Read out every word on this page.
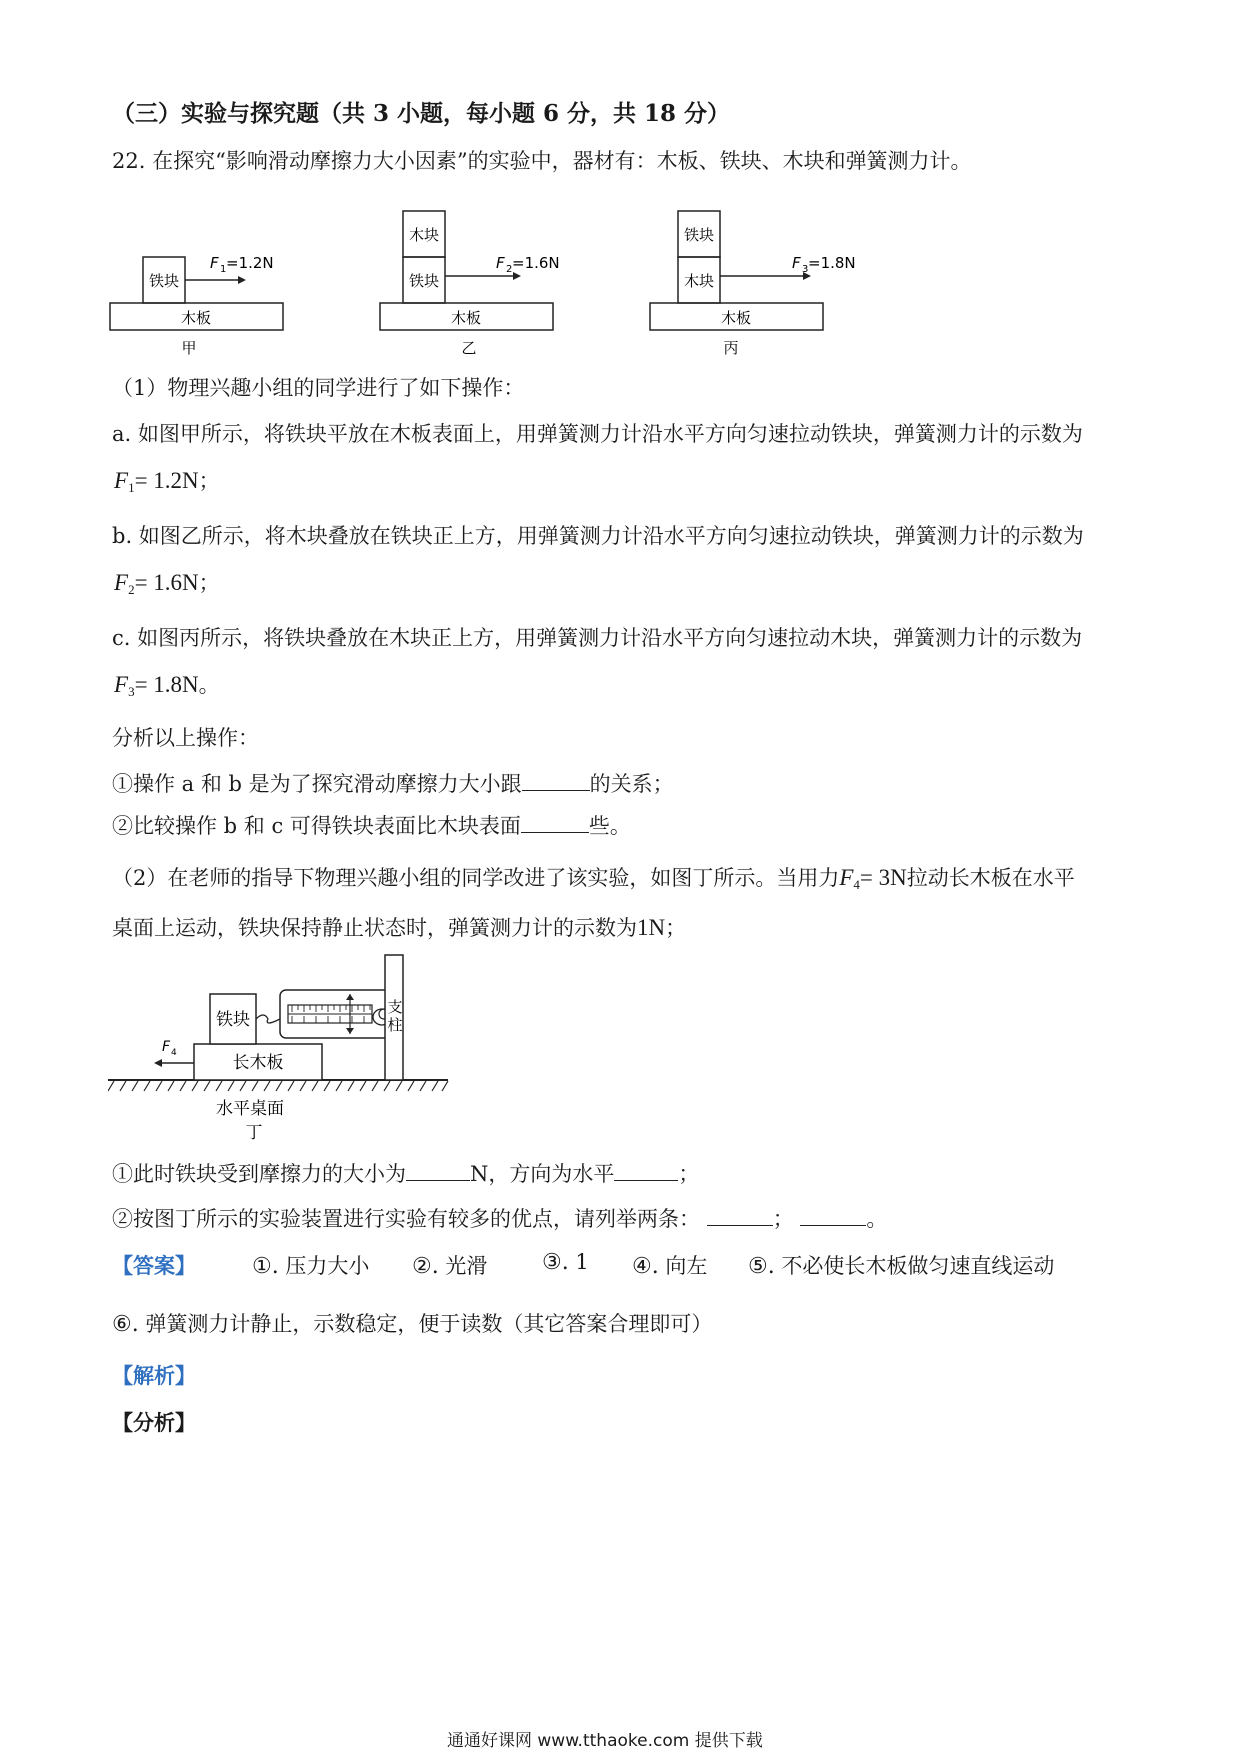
（三）实验与探究题（共 3 小题，每小题 6 分，共 18 分）
22. 在探究“影响滑动摩擦力大小因素”的实验中，器材有：木板、铁块、木块和弹簧测力计。
木板
铁块
F 1 =1.2N
甲
木板
木块
铁块
F 2 =1.6N
乙
木板
铁块
木块
F 3 =1.8N
丙
（1）物理兴趣小组的同学进行了如下操作：
a. 如图甲所示，将铁块平放在木板表面上，用弹簧测力计沿水平方向匀速拉动铁块，弹簧测力计的示数为
$F_1= 1.2N$；
b. 如图乙所示，将木块叠放在铁块正上方，用弹簧测力计沿水平方向匀速拉动铁块，弹簧测力计的示数为
$F_2= 1.6N$；
c. 如图丙所示，将铁块叠放在木块正上方，用弹簧测力计沿水平方向匀速拉动木块，弹簧测力计的示数为
$F_3= 1.8N$。
分析以上操作：
①操作 a 和 b 是为了探究滑动摩擦力大小跟	的关系；
②比较操作 b 和 c 可得铁块表面比木块表面	些。
（2）在老师的指导下物理兴趣小组的同学改进了该实验，如图丁所示。当用力$F_4= 3N$拉动长木板在水平
桌面上运动，铁块保持静止状态时，弹簧测力计的示数为1N；
长木板
铁块
支
柱
F 4
水平桌面
丁
①此时铁块受到摩擦力的大小为	N，方向为水平	；
②按图丁所示的实验装置进行实验有较多的优点，请列举两条：	；	。
【答案】	①. 压力大小 ②. 光滑 ③. 1 ④. 向左 ⑤. 不必使长木板做匀速直线运动
⑥. 弹簧测力计静止，示数稳定，便于读数（其它答案合理即可）
【解析】
【分析】
通通好课网 www.tthaoke.com 提供下载
